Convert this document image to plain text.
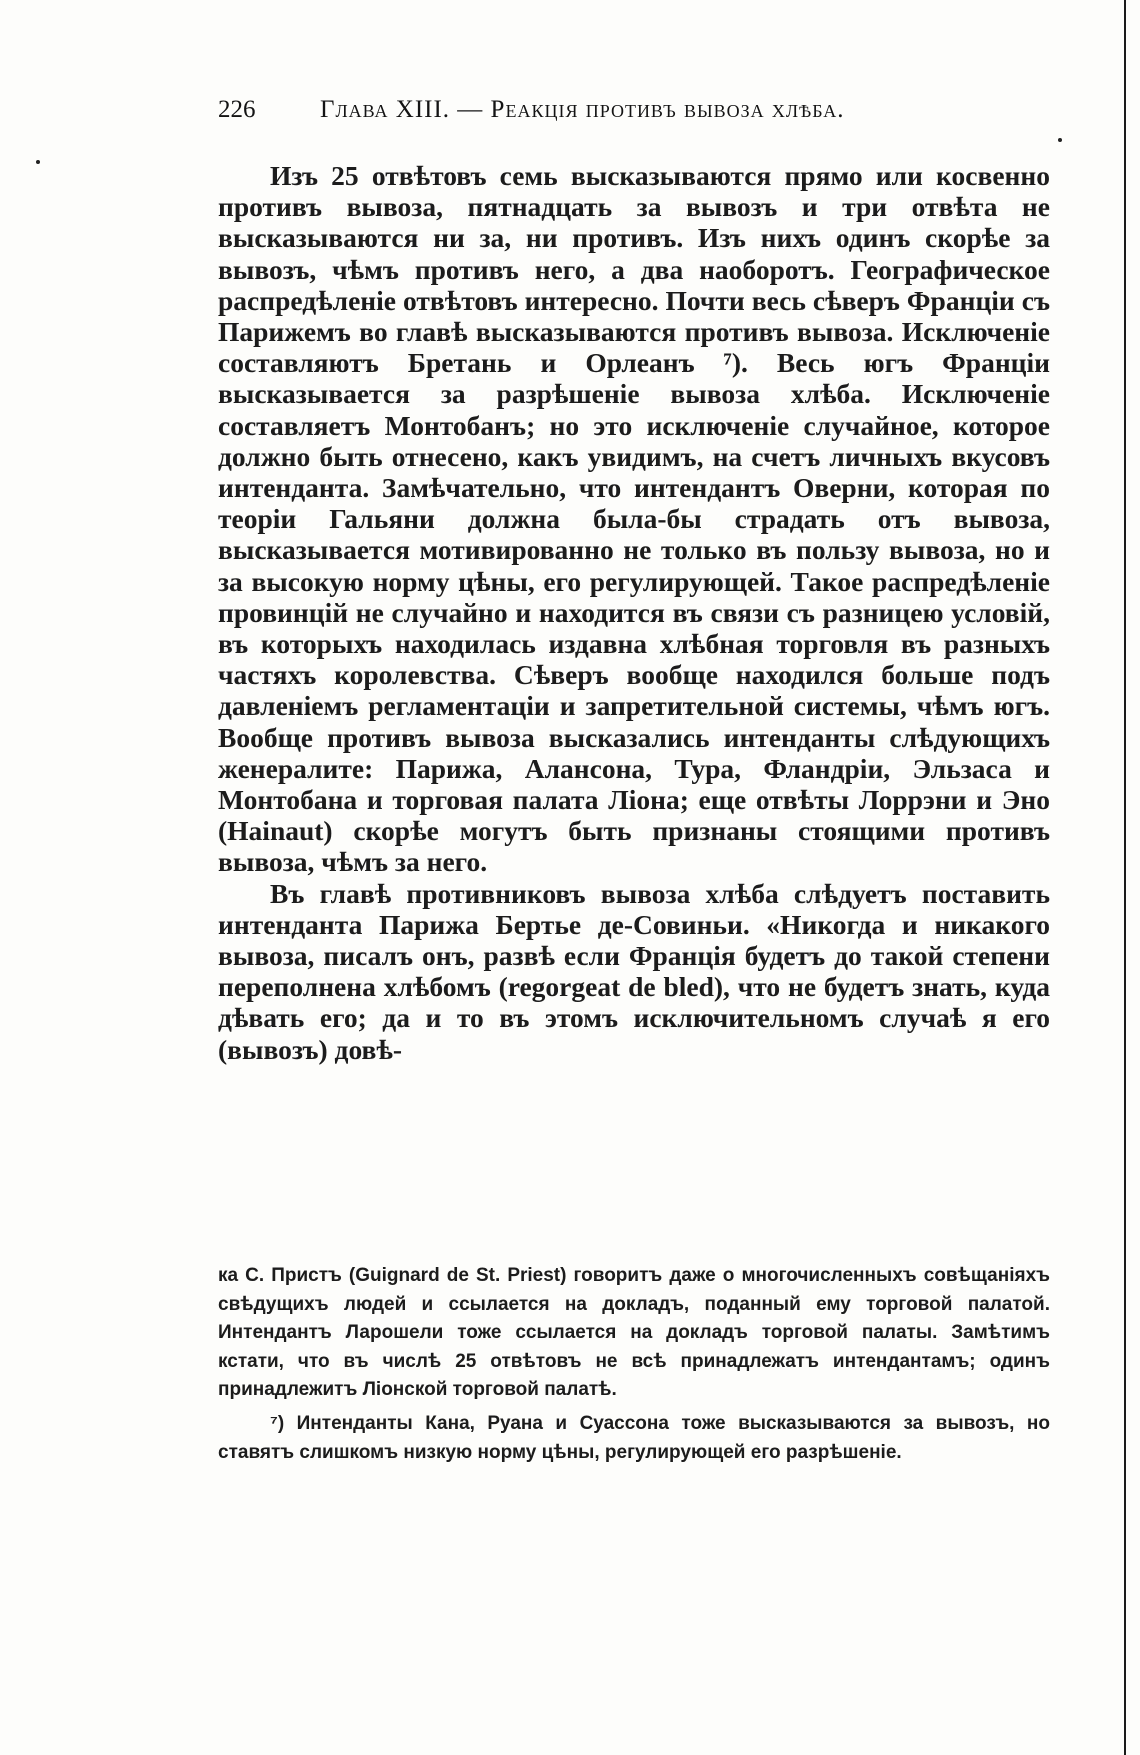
226	Глава XIII. — Реакція противъ вывоза хлѣба.

Изъ 25 отвѣтовъ семь высказываются прямо или косвенно противъ вывоза, пятнадцать за вывозъ и три отвѣта не высказываются ни за, ни противъ. Изъ нихъ одинъ скорѣе за вывозъ, чѣмъ противъ него, а два наоборотъ. Географическое распредѣленіе отвѣтовъ интересно. Почти весь сѣверъ Франціи съ Парижемъ во главѣ высказываются противъ вывоза. Исключеніе составляютъ Бретань и Орлеанъ ⁷). Весь югъ Франціи высказывается за разрѣшеніе вывоза хлѣба. Исключеніе составляетъ Монтобанъ; но это исключеніе случайное, которое должно быть отнесено, какъ увидимъ, на счетъ личныхъ вкусовъ интенданта. Замѣчательно, что интендантъ Оверни, которая по теоріи Гальяни должна была-бы страдать отъ вывоза, высказывается мотивированно не только въ пользу вывоза, но и за высокую норму цѣны, его регулирующей. Такое распредѣленіе провинцій не случайно и находится въ связи съ разницею условій, въ которыхъ находилась издавна хлѣбная торговля въ разныхъ частяхъ королевства. Сѣверъ вообще находился больше подъ давленіемъ регламентаціи и запретительной системы, чѣмъ югъ. Вообще противъ вывоза высказались интенданты слѣдующихъ женералите: Парижа, Алансона, Тура, Фландріи, Эльзаса и Монтобана и торговая палата Ліона; еще отвѣты Лоррэни и Эно (Hainaut) скорѣе могутъ быть признаны стоящими противъ вывоза, чѣмъ за него.

Въ главѣ противниковъ вывоза хлѣба слѣдуетъ поставить интенданта Парижа Бертье де-Совиньи. «Никогда и никакого вывоза, писалъ онъ, развѣ если Франція будетъ до такой степени переполнена хлѣбомъ (regorgeat de bled), что не будетъ знать, куда дѣвать его; да и то въ этомъ исключительномъ случаѣ я его (вывозъ) довѣ-

ка С. Пристъ (Guignard de St. Priest) говоритъ даже о многочисленныхъ совѣщаніяхъ свѣдущихъ людей и ссылается на докладъ, поданный ему торговой палатой. Интендантъ Ларошели тоже ссылается на докладъ торговой палаты. Замѣтимъ кстати, что въ числѣ 25 отвѣтовъ не всѣ принадлежатъ интендантамъ; одинъ принадлежитъ Ліонской торговой палатѣ.

⁷) Интенданты Кана, Руана и Суассона тоже высказываются за вывозъ, но ставятъ слишкомъ низкую норму цѣны, регулирующей его разрѣшеніе.
